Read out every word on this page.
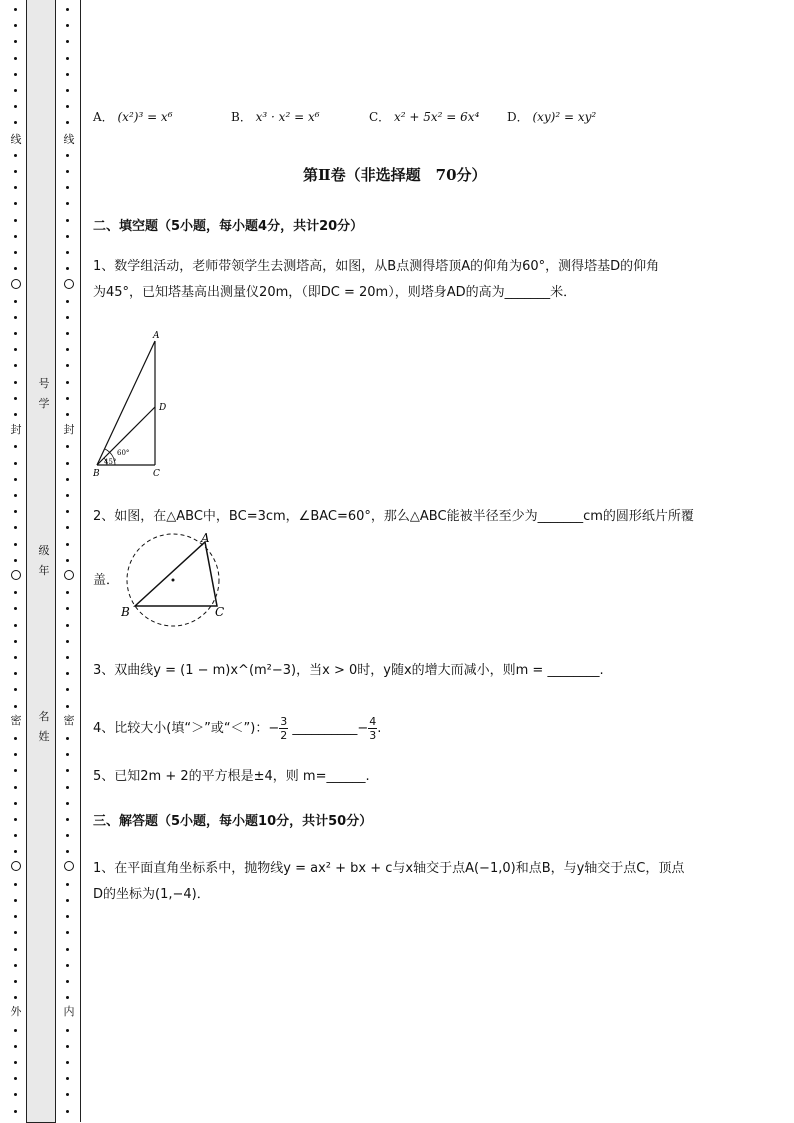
线
封
密
外
线
封
密
内
号
学
级
年
名
姓
A． (x²)³ = x⁶	B． x³ · x² = x⁶	C． x² + 5x² = 6x⁴ D． (xy)² = xy²
第Ⅱ卷（非选择题　70分）
二、填空题（5小题，每小题4分，共计20分）
1、数学组活动，老师带领学生去测塔高，如图，从B点测得塔顶A的仰角为60°，测得塔基D的仰角
为45°，已知塔基高出测量仪20m，（即DC = 20m），则塔身AD的高为_______米．
A
D
B	C
60°
45°
2、如图，在△ABC中，BC=3cm，∠BAC=60°，那么△ABC能被半径至少为_______cm的圆形纸片所覆
盖．
A
B	C
3、双曲线y = (1 − m)x^(m²−3)，当x > 0时，y随x的增大而减小，则m = ________.
4、比较大小(填“＞”或“＜”)：− $\frac{3}{2}$ __________− $\frac{4}{3}$ .
5、已知2m + 2的平方根是±4，则 m=______.
三、解答题（5小题，每小题10分，共计50分）
1、在平面直角坐标系中，抛物线y = ax² + bx + c与x轴交于点A(−1,0)和点B，与y轴交于点C，顶点
D的坐标为(1,−4)．
